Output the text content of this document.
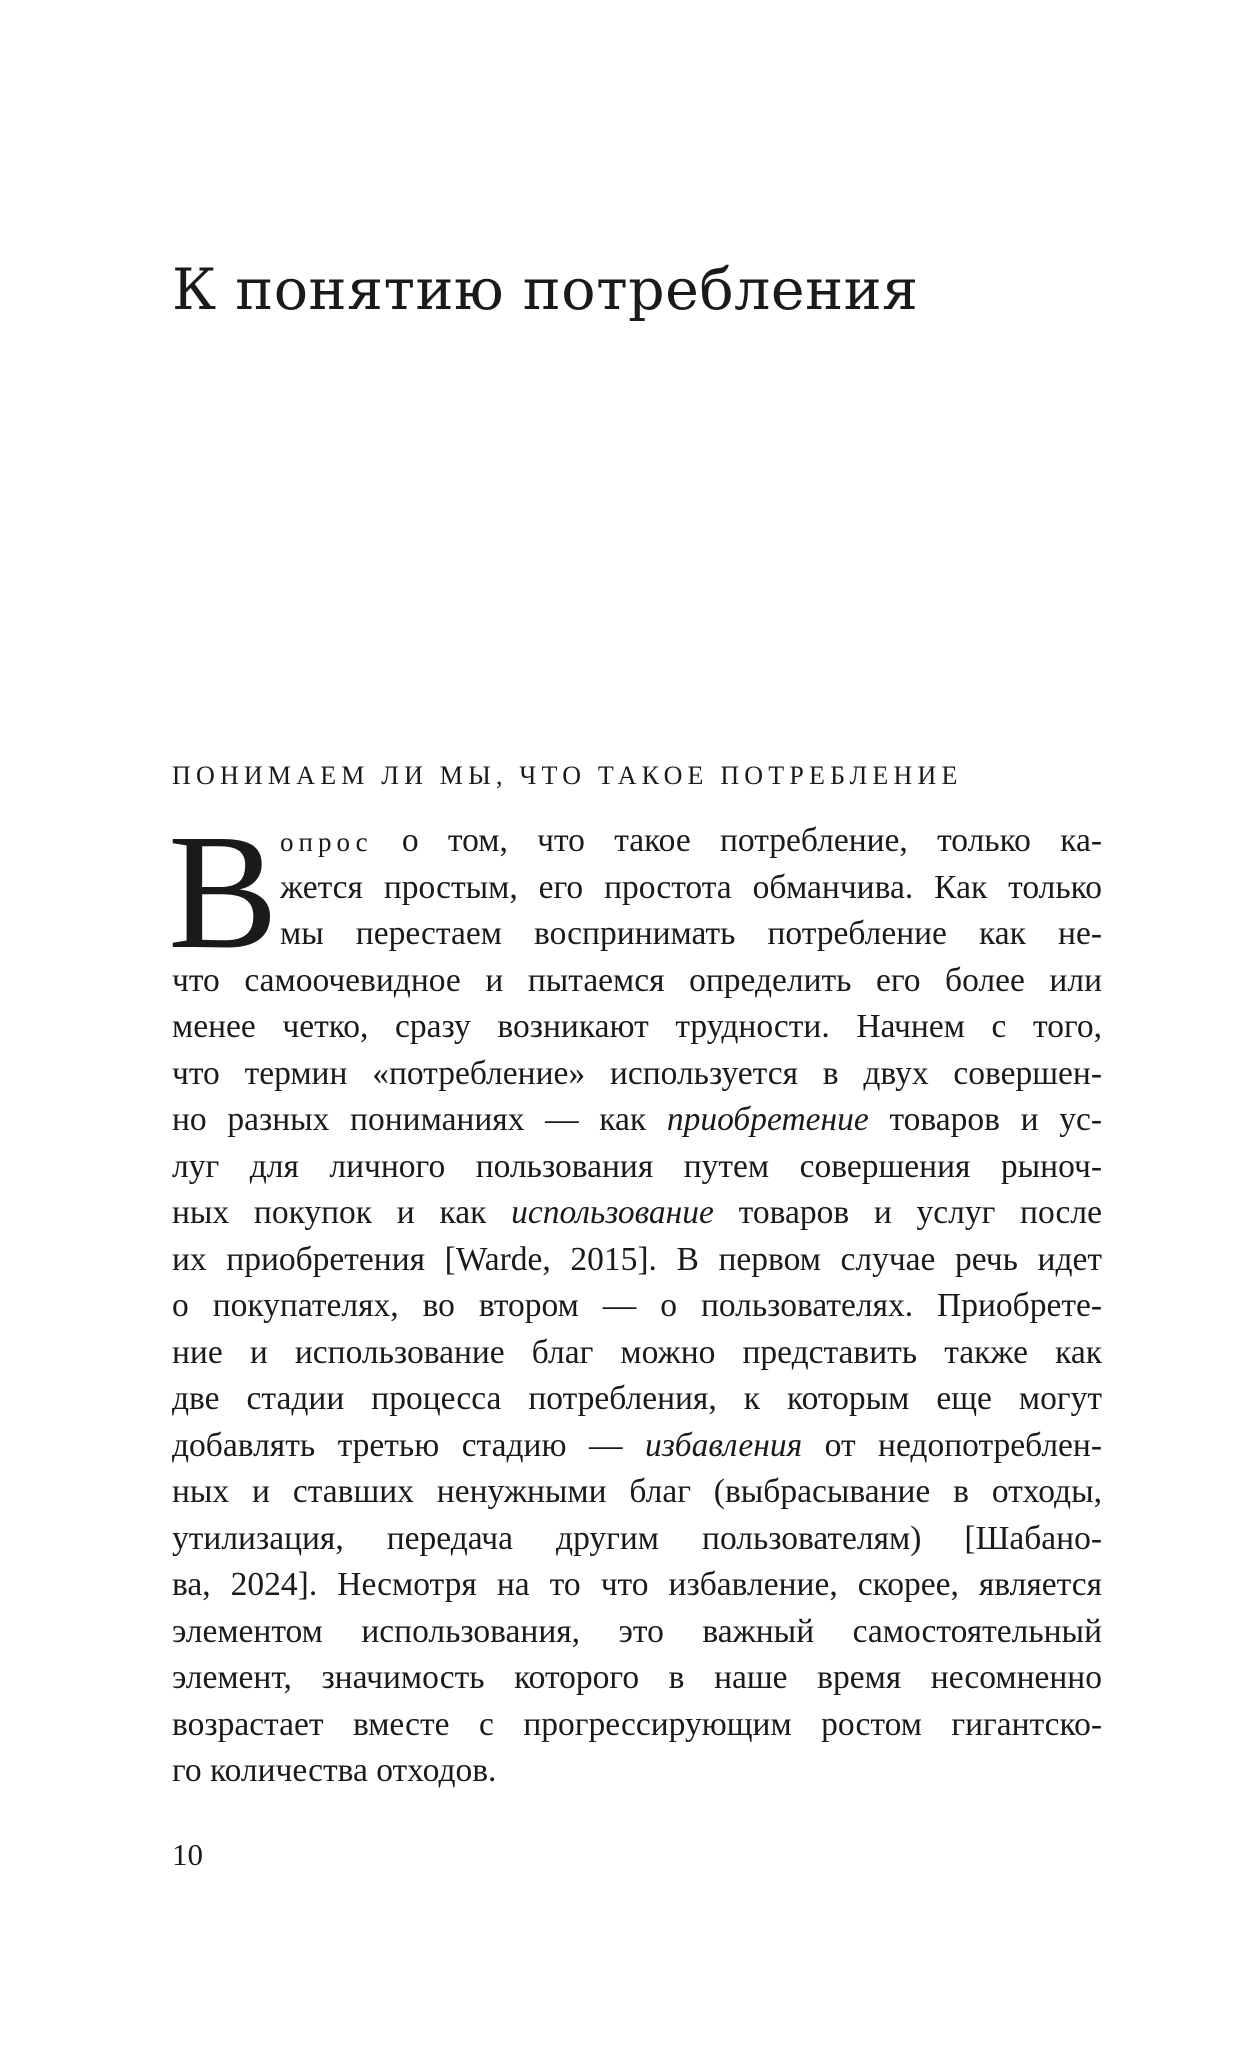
К понятию потребления
ПОНИМАЕМ ЛИ МЫ, ЧТО ТАКОЕ ПОТРЕБЛЕНИЕ
В опрос о том, что такое потребление, только ка-
жется простым, его простота обманчива. Как только
мы перестаем воспринимать потребление как не-
что самоочевидное и пытаемся определить его более или
менее четко, сразу возникают трудности. Начнем с того,
что термин «потребление» используется в двух совершен-
но разных пониманиях — как приобретение товаров и ус-
луг для личного пользования путем совершения рыноч-
ных покупок и как использование товаров и услуг после
их приобретения [Warde, 2015]. В первом случае речь идет
о покупателях, во втором — о пользователях. Приобрете-
ние и использование благ можно представить также как
две стадии процесса потребления, к которым еще могут
добавлять третью стадию — избавления от недопотреблен-
ных и ставших ненужными благ (выбрасывание в отходы,
утилизация, передача другим пользователям) [Шабано-
ва, 2024]. Несмотря на то что избавление, скорее, является
элементом использования, это важный самостоятельный
элемент, значимость которого в наше время несомненно
возрастает вместе с прогрессирующим ростом гигантско-
го количества отходов.

10
